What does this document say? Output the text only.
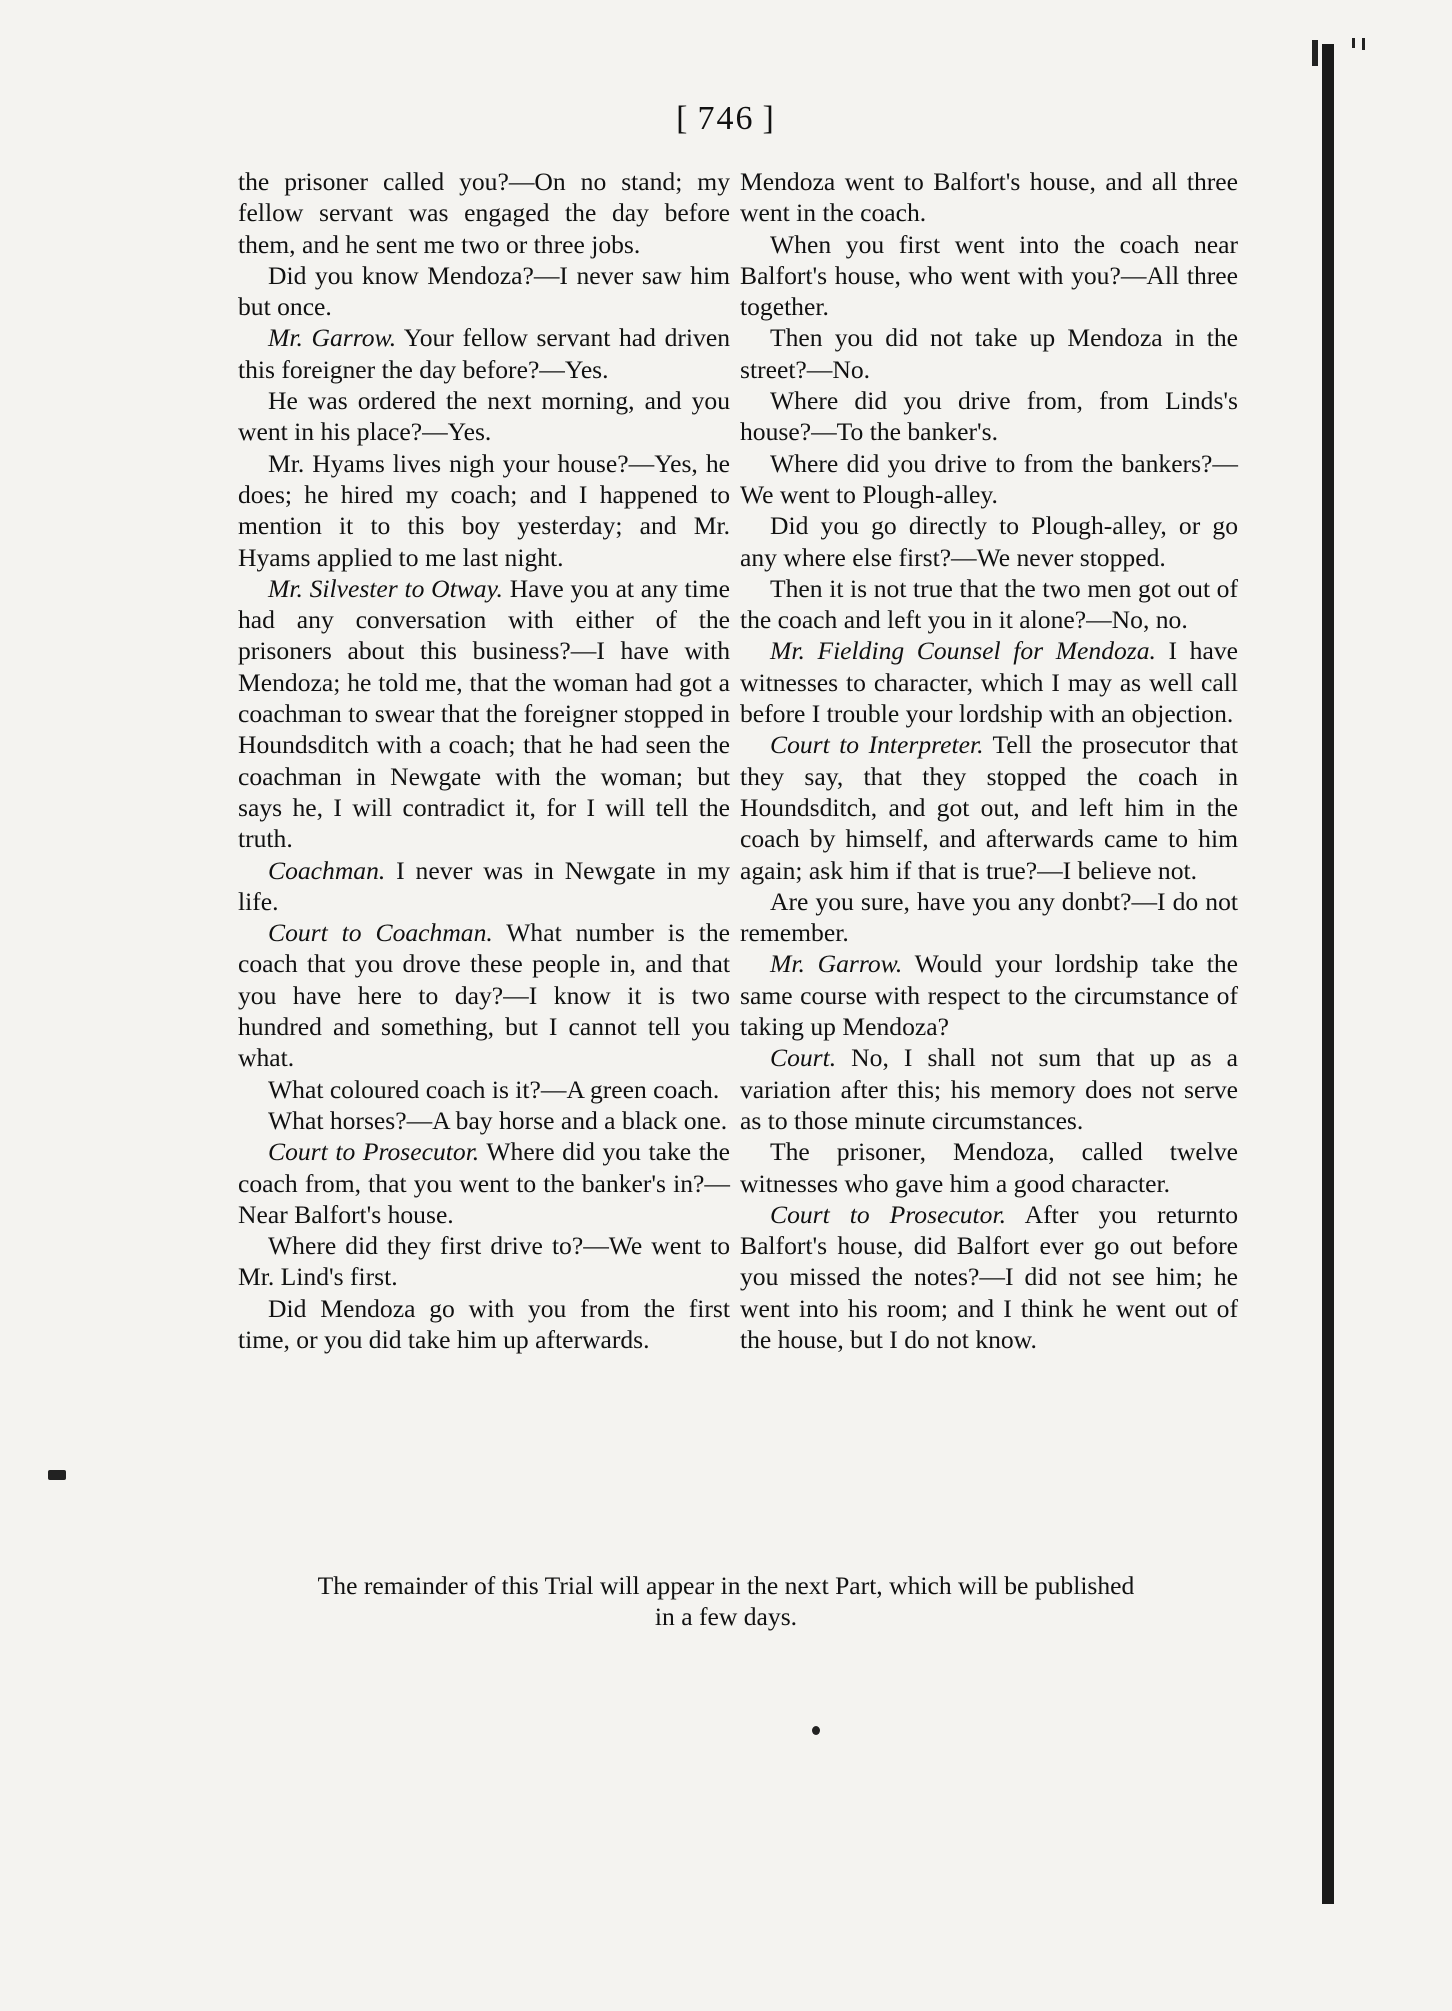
[ 746 ]

the prisoner called you?—On no stand; my fellow servant was engaged the day before them, and he sent me two or three jobs.

Did you know Mendoza?—I never saw him but once.

Mr. Garrow. Your fellow servant had driven this foreigner the day before?—Yes.

He was ordered the next morning, and you went in his place?—Yes.

Mr. Hyams lives nigh your house?—Yes, he does; he hired my coach; and I happened to mention it to this boy yesterday; and Mr. Hyams applied to me last night.

Mr. Silvester to Otway. Have you at any time had any conversation with either of the prisoners about this business?—I have with Mendoza; he told me, that the woman had got a coachman to swear that the foreigner stopped in Houndsditch with a coach; that he had seen the coachman in Newgate with the woman; but says he, I will contradict it, for I will tell the truth.

Coachman. I never was in Newgate in my life.

Court to Coachman. What number is the coach that you drove these people in, and that you have here to day?—I know it is two hundred and something, but I cannot tell you what.

What coloured coach is it?—A green coach.

What horses?—A bay horse and a black one.

Court to Prosecutor. Where did you take the coach from, that you went to the banker's in?—Near Balfort's house.

Where did they first drive to?—We went to Mr. Lind's first.

Did Mendoza go with you from the first time, or you did take him up afterwards.

Mendoza went to Balfort's house, and all three went in the coach.

When you first went into the coach near Balfort's house, who went with you?—All three together.

Then you did not take up Mendoza in the street?—No.

Where did you drive from, from Linds's house?—To the banker's.

Where did you drive to from the bankers?—We went to Plough-alley.

Did you go directly to Plough-alley, or go any where else first?—We never stopped.

Then it is not true that the two men got out of the coach and left you in it alone?—No, no.

Mr. Fielding Counsel for Mendoza. I have witnesses to character, which I may as well call before I trouble your lordship with an objection.

Court to Interpreter. Tell the prosecutor that they say, that they stopped the coach in Houndsditch, and got out, and left him in the coach by himself, and afterwards came to him again; ask him if that is true?—I believe not.

Are you sure, have you any donbt?—I do not remember.

Mr. Garrow. Would your lordship take the same course with respect to the circumstance of taking up Mendoza?

Court. No, I shall not sum that up as a variation after this; his memory does not serve as to those minute circumstances.

The prisoner, Mendoza, called twelve witnesses who gave him a good character.

Court to Prosecutor. After you returnto Balfort's house, did Balfort ever go out before you missed the notes?—I did not see him; he went into his room; and I think he went out of the house, but I do not know.

The remainder of this Trial will appear in the next Part, which will be published
in a few days.
